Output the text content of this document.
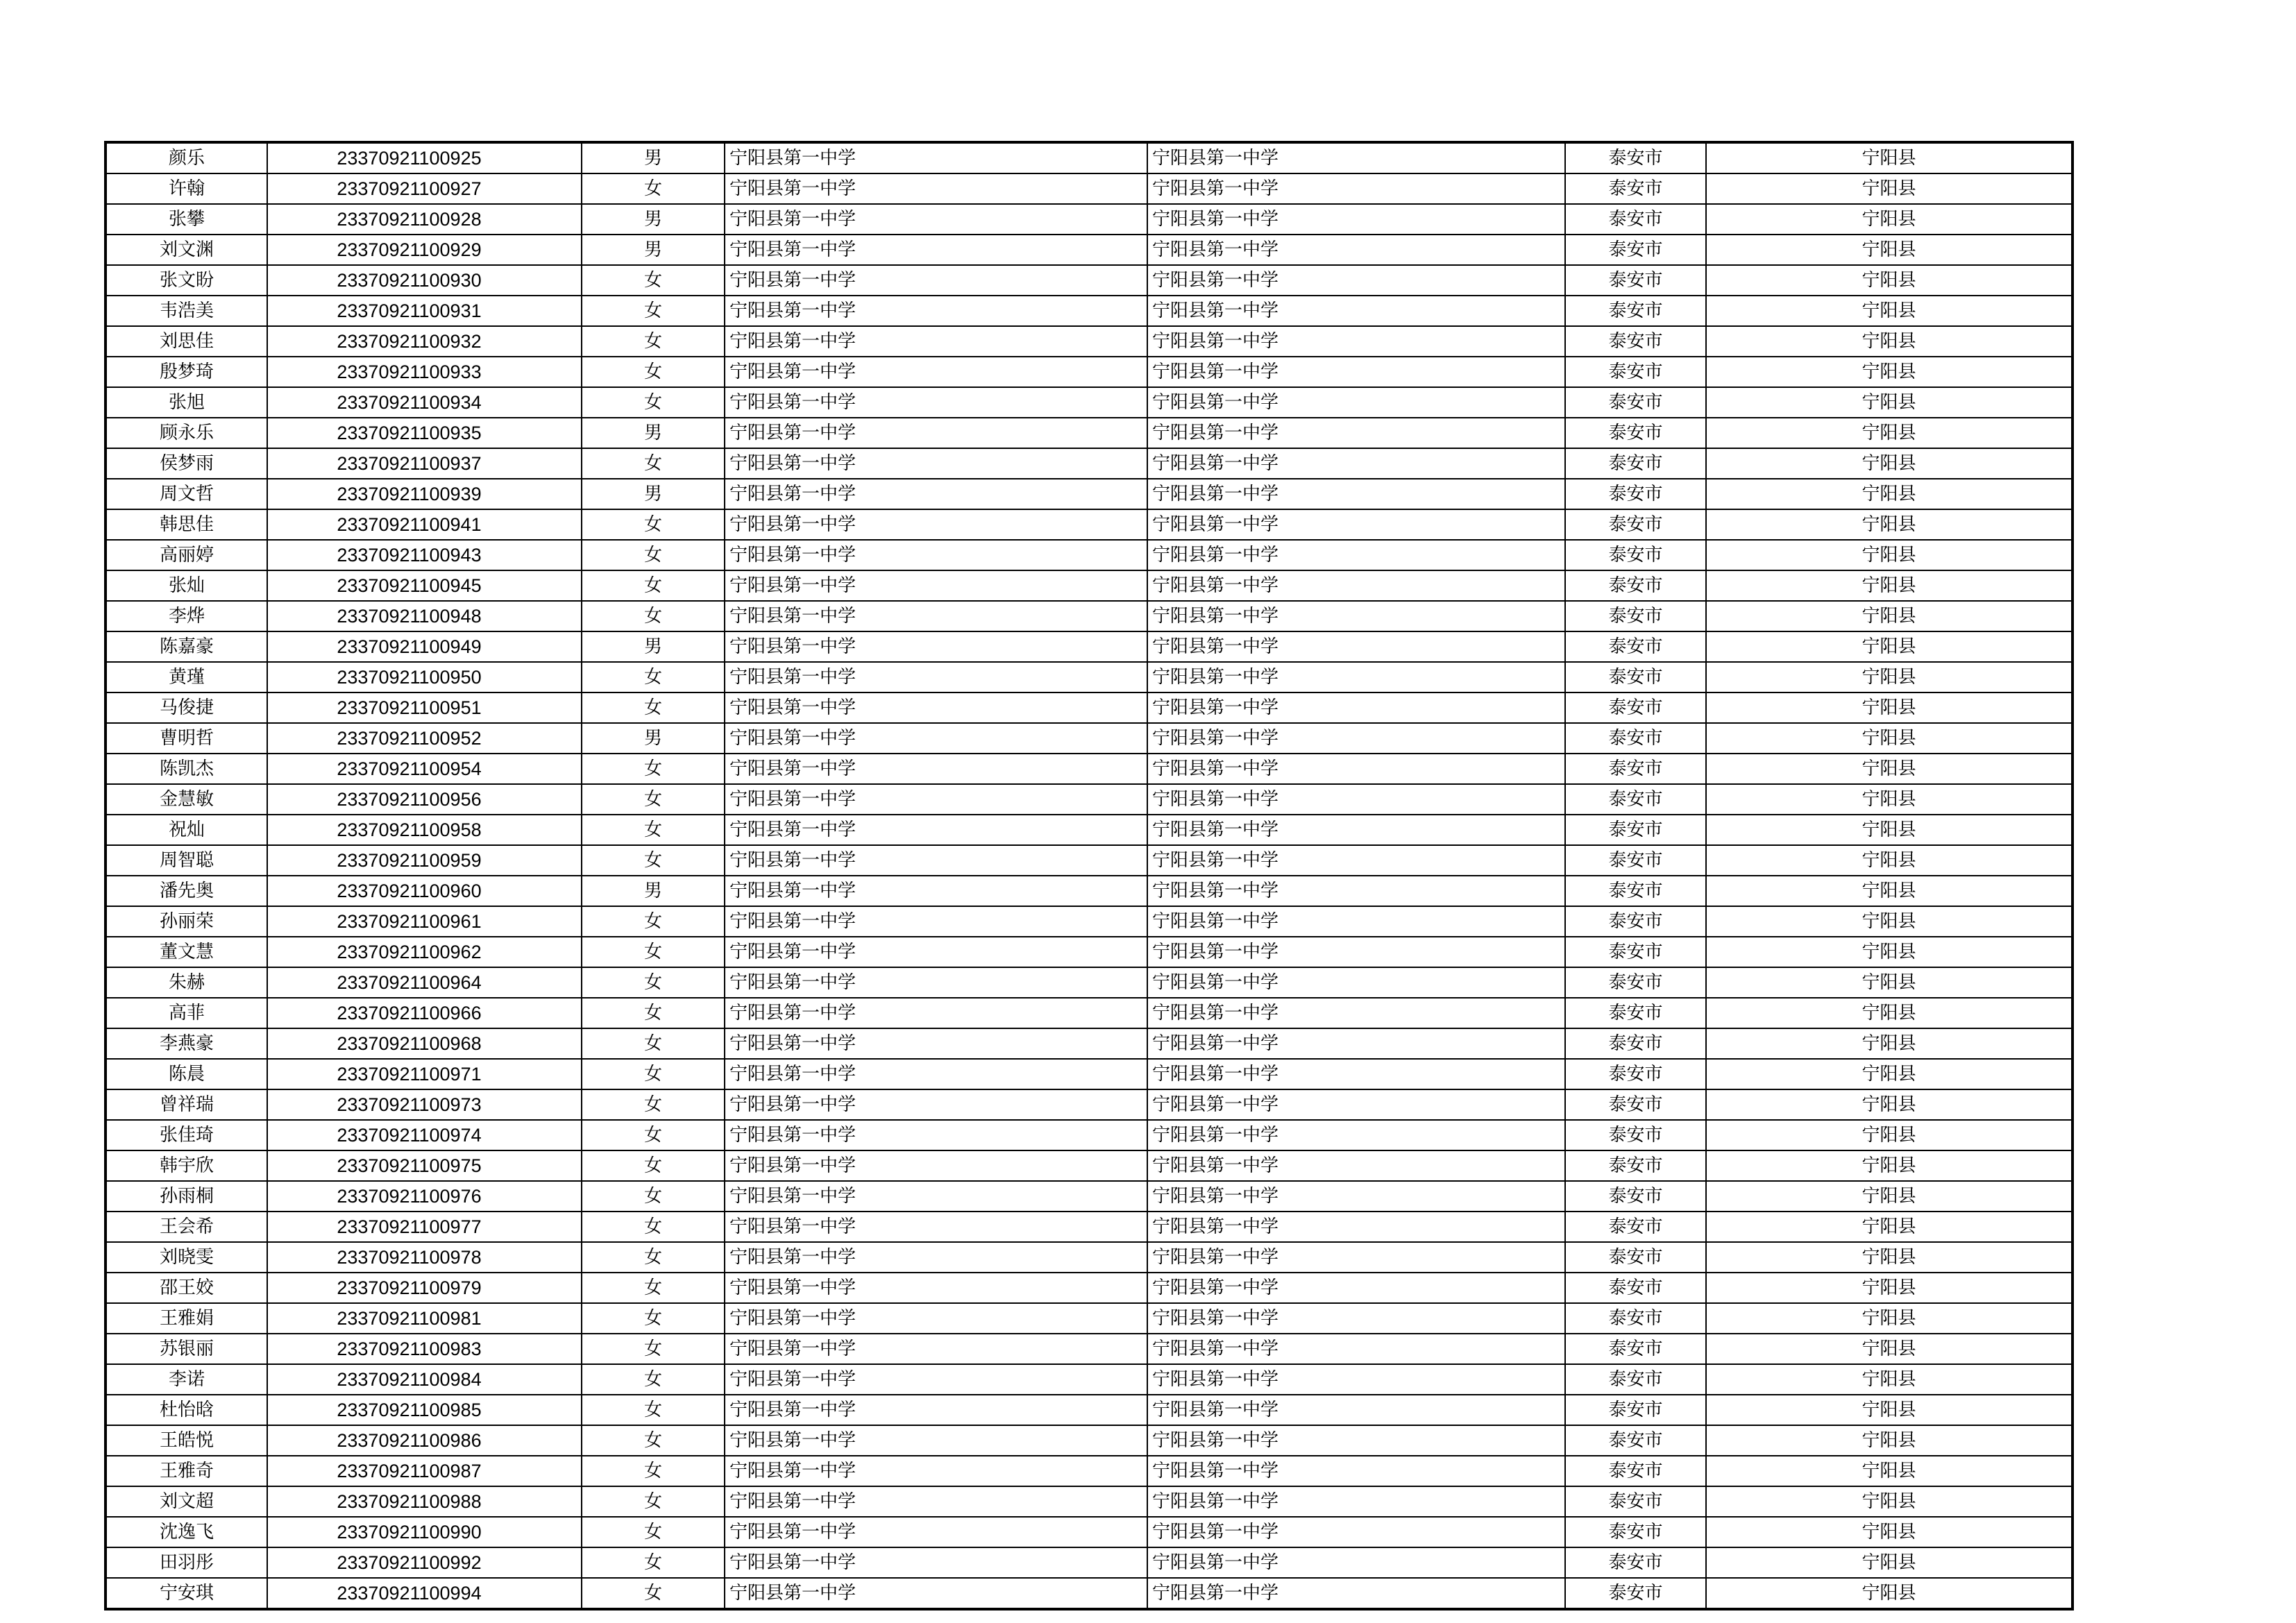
颜乐	23370921100925	男	宁阳县第一中学	宁阳县第一中学	泰安市	宁阳县
许翰	23370921100927	女	宁阳县第一中学	宁阳县第一中学	泰安市	宁阳县
张攀	23370921100928	男	宁阳县第一中学	宁阳县第一中学	泰安市	宁阳县
刘文渊	23370921100929	男	宁阳县第一中学	宁阳县第一中学	泰安市	宁阳县
张文盼	23370921100930	女	宁阳县第一中学	宁阳县第一中学	泰安市	宁阳县
韦浩美	23370921100931	女	宁阳县第一中学	宁阳县第一中学	泰安市	宁阳县
刘思佳	23370921100932	女	宁阳县第一中学	宁阳县第一中学	泰安市	宁阳县
殷梦琦	23370921100933	女	宁阳县第一中学	宁阳县第一中学	泰安市	宁阳县
张旭	23370921100934	女	宁阳县第一中学	宁阳县第一中学	泰安市	宁阳县
顾永乐	23370921100935	男	宁阳县第一中学	宁阳县第一中学	泰安市	宁阳县
侯梦雨	23370921100937	女	宁阳县第一中学	宁阳县第一中学	泰安市	宁阳县
周文哲	23370921100939	男	宁阳县第一中学	宁阳县第一中学	泰安市	宁阳县
韩思佳	23370921100941	女	宁阳县第一中学	宁阳县第一中学	泰安市	宁阳县
高丽婷	23370921100943	女	宁阳县第一中学	宁阳县第一中学	泰安市	宁阳县
张灿	23370921100945	女	宁阳县第一中学	宁阳县第一中学	泰安市	宁阳县
李烨	23370921100948	女	宁阳县第一中学	宁阳县第一中学	泰安市	宁阳县
陈嘉豪	23370921100949	男	宁阳县第一中学	宁阳县第一中学	泰安市	宁阳县
黄瑾	23370921100950	女	宁阳县第一中学	宁阳县第一中学	泰安市	宁阳县
马俊捷	23370921100951	女	宁阳县第一中学	宁阳县第一中学	泰安市	宁阳县
曹明哲	23370921100952	男	宁阳县第一中学	宁阳县第一中学	泰安市	宁阳县
陈凯杰	23370921100954	女	宁阳县第一中学	宁阳县第一中学	泰安市	宁阳县
金慧敏	23370921100956	女	宁阳县第一中学	宁阳县第一中学	泰安市	宁阳县
祝灿	23370921100958	女	宁阳县第一中学	宁阳县第一中学	泰安市	宁阳县
周智聪	23370921100959	女	宁阳县第一中学	宁阳县第一中学	泰安市	宁阳县
潘先奥	23370921100960	男	宁阳县第一中学	宁阳县第一中学	泰安市	宁阳县
孙丽荣	23370921100961	女	宁阳县第一中学	宁阳县第一中学	泰安市	宁阳县
董文慧	23370921100962	女	宁阳县第一中学	宁阳县第一中学	泰安市	宁阳县
朱赫	23370921100964	女	宁阳县第一中学	宁阳县第一中学	泰安市	宁阳县
高菲	23370921100966	女	宁阳县第一中学	宁阳县第一中学	泰安市	宁阳县
李燕豪	23370921100968	女	宁阳县第一中学	宁阳县第一中学	泰安市	宁阳县
陈晨	23370921100971	女	宁阳县第一中学	宁阳县第一中学	泰安市	宁阳县
曾祥瑞	23370921100973	女	宁阳县第一中学	宁阳县第一中学	泰安市	宁阳县
张佳琦	23370921100974	女	宁阳县第一中学	宁阳县第一中学	泰安市	宁阳县
韩宇欣	23370921100975	女	宁阳县第一中学	宁阳县第一中学	泰安市	宁阳县
孙雨桐	23370921100976	女	宁阳县第一中学	宁阳县第一中学	泰安市	宁阳县
王会希	23370921100977	女	宁阳县第一中学	宁阳县第一中学	泰安市	宁阳县
刘晓雯	23370921100978	女	宁阳县第一中学	宁阳县第一中学	泰安市	宁阳县
邵王姣	23370921100979	女	宁阳县第一中学	宁阳县第一中学	泰安市	宁阳县
王雅娟	23370921100981	女	宁阳县第一中学	宁阳县第一中学	泰安市	宁阳县
苏银丽	23370921100983	女	宁阳县第一中学	宁阳县第一中学	泰安市	宁阳县
李诺	23370921100984	女	宁阳县第一中学	宁阳县第一中学	泰安市	宁阳县
杜怡晗	23370921100985	女	宁阳县第一中学	宁阳县第一中学	泰安市	宁阳县
王皓悦	23370921100986	女	宁阳县第一中学	宁阳县第一中学	泰安市	宁阳县
王雅奇	23370921100987	女	宁阳县第一中学	宁阳县第一中学	泰安市	宁阳县
刘文超	23370921100988	女	宁阳县第一中学	宁阳县第一中学	泰安市	宁阳县
沈逸飞	23370921100990	女	宁阳县第一中学	宁阳县第一中学	泰安市	宁阳县
田羽彤	23370921100992	女	宁阳县第一中学	宁阳县第一中学	泰安市	宁阳县
宁安琪	23370921100994	女	宁阳县第一中学	宁阳县第一中学	泰安市	宁阳县
